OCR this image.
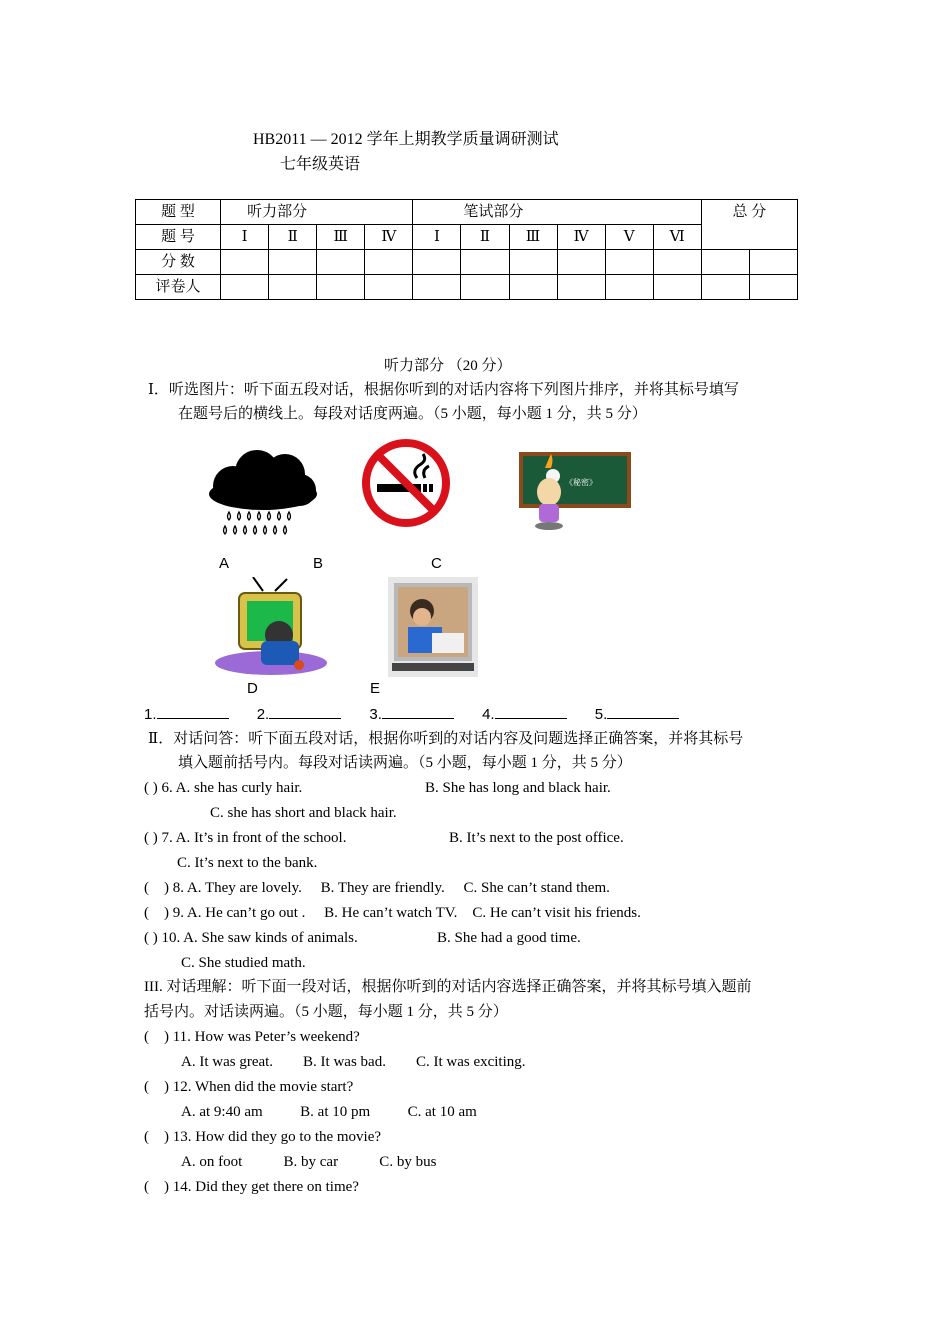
HB2011 — 2012 学年上期教学质量调研测试
七年级英语
题 型	听力部分				笔试部分						总 分	
题 号	Ⅰ	Ⅱ	Ⅲ	Ⅳ	Ⅰ	Ⅱ	Ⅲ	Ⅳ	Ⅴ	Ⅵ		
分 数												
评卷人												
听力部分 （20 分）
Ⅰ．听选图片：听下面五段对话，根据你听到的对话内容将下列图片排序，并将其标号填写
在题号后的横线上。每段对话度两遍。（5 小题，每小题 1 分，共 5 分）
《秘密》
A	B	C
D	E
1.	2.	3.	4.	5.
Ⅱ．对话问答：听下面五段对话，根据你听到的对话内容及问题选择正确答案，并将其标号
填入题前括号内。每段对话读两遍。（5 小题，每小题 1 分，共 5 分）
( ) 6. A. she has curly hair.	B. She has long and black hair.
C. she has short and black hair.
( ) 7. A. It’s in front of the school.	B. It’s next to the post office.
C. It’s next to the bank.
(    ) 8. A. They are lovely.     B. They are friendly.     C. She can’t stand them.
(    ) 9. A. He can’t go out .     B. He can’t watch TV.    C. He can’t visit his friends.
( ) 10. A. She saw kinds of animals.	B. She had a good time.
C. She studied math.
III. 对话理解：听下面一段对话，根据你听到的对话内容选择正确答案，并将其标号填入题前
括号内。对话读两遍。（5 小题，每小题 1 分，共 5 分）
(    ) 11. How was Peter’s weekend?
A. It was great.        B. It was bad.        C. It was exciting.
(    ) 12. When did the movie start?
A. at 9:40 am          B. at 10 pm          C. at 10 am
(    ) 13. How did they go to the movie?
A. on foot           B. by car           C. by bus
(    ) 14. Did they get there on time?
